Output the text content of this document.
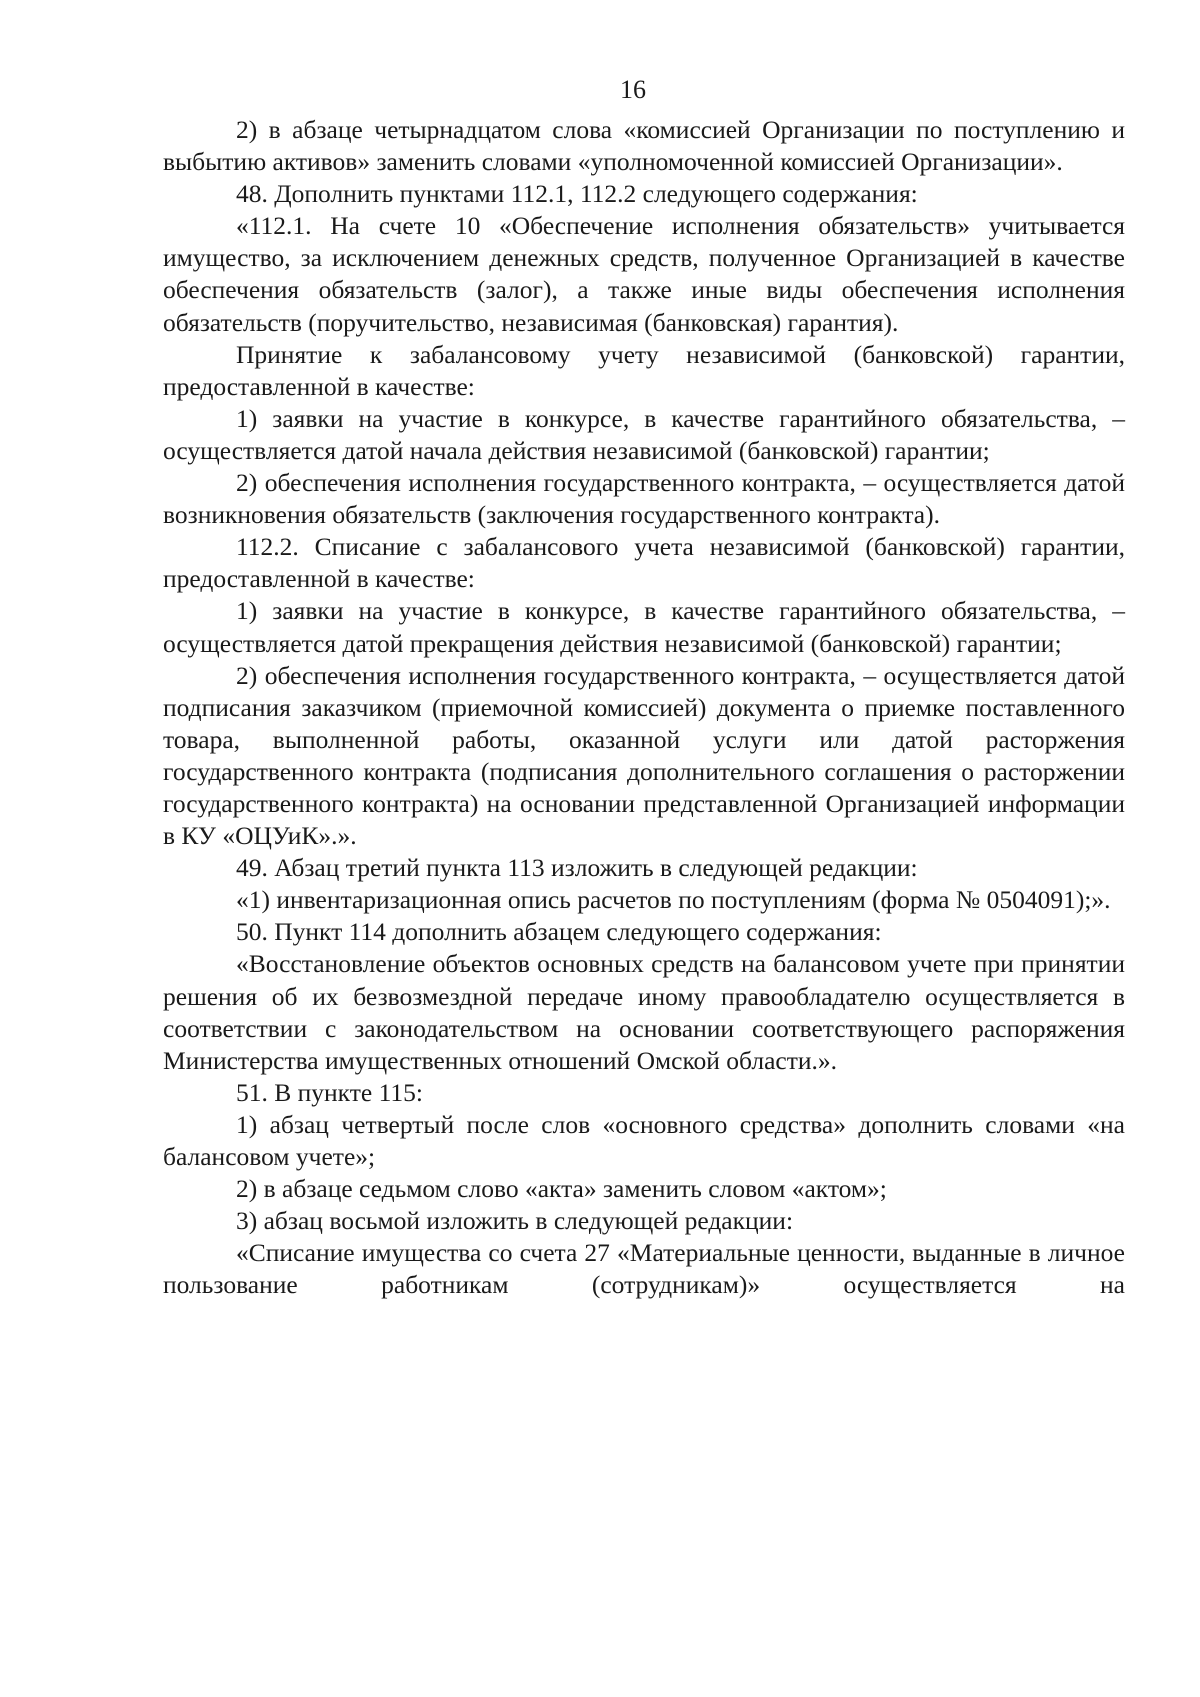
16

2) в абзаце четырнадцатом слова «комиссией Организации по поступлению и выбытию активов» заменить словами «уполномоченной комиссией Организации».

48. Дополнить пунктами 112.1, 112.2 следующего содержания:

«112.1. На счете 10 «Обеспечение исполнения обязательств» учитывается имущество, за исключением денежных средств, полученное Организацией в качестве обеспечения обязательств (залог), а также иные виды обеспечения исполнения обязательств (поручительство, независимая (банковская) гарантия).

Принятие к забалансовому учету независимой (банковской) гарантии, предоставленной в качестве:

1) заявки на участие в конкурсе, в качестве гарантийного обязательства, – осуществляется датой начала действия независимой (банковской) гарантии;

2) обеспечения исполнения государственного контракта, – осуществляется датой возникновения обязательств (заключения государственного контракта).

112.2. Списание с забалансового учета независимой (банковской) гарантии, предоставленной в качестве:

1) заявки на участие в конкурсе, в качестве гарантийного обязательства, – осуществляется датой прекращения действия независимой (банковской) гарантии;

2) обеспечения исполнения государственного контракта, – осуществляется датой подписания заказчиком (приемочной комиссией) документа о приемке поставленного товара, выполненной работы, оказанной услуги или датой расторжения государственного контракта (подписания дополнительного соглашения о расторжении государственного контракта) на основании представленной Организацией информации в КУ «ОЦУиК».».

49. Абзац третий пункта 113 изложить в следующей редакции:

«1) инвентаризационная опись расчетов по поступлениям (форма № 0504091);».

50. Пункт 114 дополнить абзацем следующего содержания:

«Восстановление объектов основных средств на балансовом учете при принятии решения об их безвозмездной передаче иному правообладателю осуществляется в соответствии с законодательством на основании соответствующего распоряжения Министерства имущественных отношений Омской области.».

51. В пункте 115:

1) абзац четвертый после слов «основного средства» дополнить словами «на балансовом учете»;

2) в абзаце седьмом слово «акта» заменить словом «актом»;

3) абзац восьмой изложить в следующей редакции:

«Списание имущества со счета 27 «Материальные ценности, выданные в личное пользование работникам (сотрудникам)» осуществляется на
